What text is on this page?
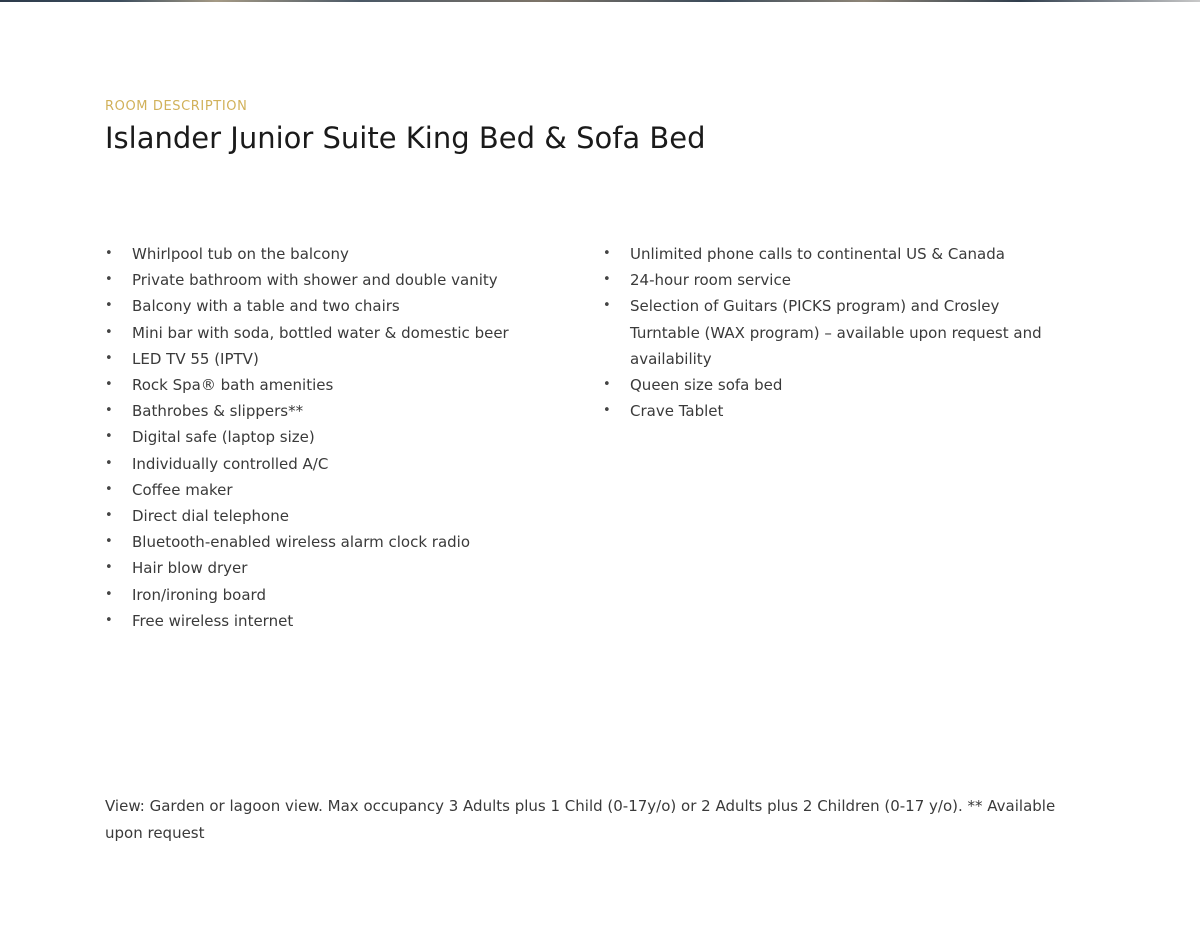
ROOM DESCRIPTION
Islander Junior Suite King Bed & Sofa Bed
• Whirlpool tub on the balcony
• Private bathroom with shower and double vanity
• Balcony with a table and two chairs
• Mini bar with soda, bottled water & domestic beer
• LED TV 55 (IPTV)
• Rock Spa® bath amenities
• Bathrobes & slippers**
• Digital safe (laptop size)
• Individually controlled A/C
• Coffee maker
• Direct dial telephone
• Bluetooth-enabled wireless alarm clock radio
• Hair blow dryer
• Iron/ironing board
• Free wireless internet
• Unlimited phone calls to continental US & Canada
• 24-hour room service
• Selection of Guitars (PICKS program) and Crosley Turntable (WAX program) – available upon request and availability
• Queen size sofa bed
• Crave Tablet

View: Garden or lagoon view. Max occupancy 3 Adults plus 1 Child (0-17y/o) or 2 Adults plus 2 Children (0-17 y/o). ** Available upon request
